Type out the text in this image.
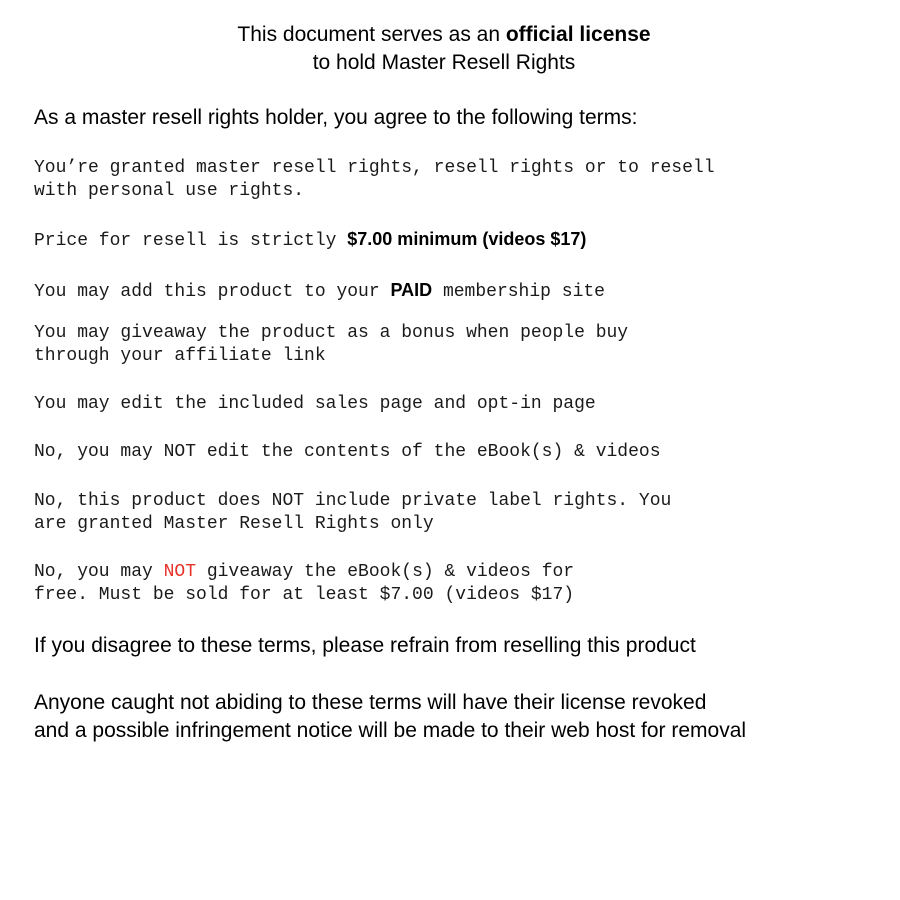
This document serves as an official license
to hold Master Resell Rights
As a master resell rights holder, you agree to the following terms:
You’re granted master resell rights, resell rights or to resell
with personal use rights.
Price for resell is strictly $7.00 minimum (videos $17)
You may add this product to your PAID membership site
You may giveaway the product as a bonus when people buy
through your affiliate link
You may edit the included sales page and opt-in page
No, you may NOT edit the contents of the eBook(s) & videos
No, this product does NOT include private label rights. You
are granted Master Resell Rights only
No, you may NOT giveaway the eBook(s) & videos for
free. Must be sold for at least $7.00 (videos $17)
If you disagree to these terms, please refrain from reselling this product
Anyone caught not abiding to these terms will have their license revoked
and a possible infringement notice will be made to their web host for removal
